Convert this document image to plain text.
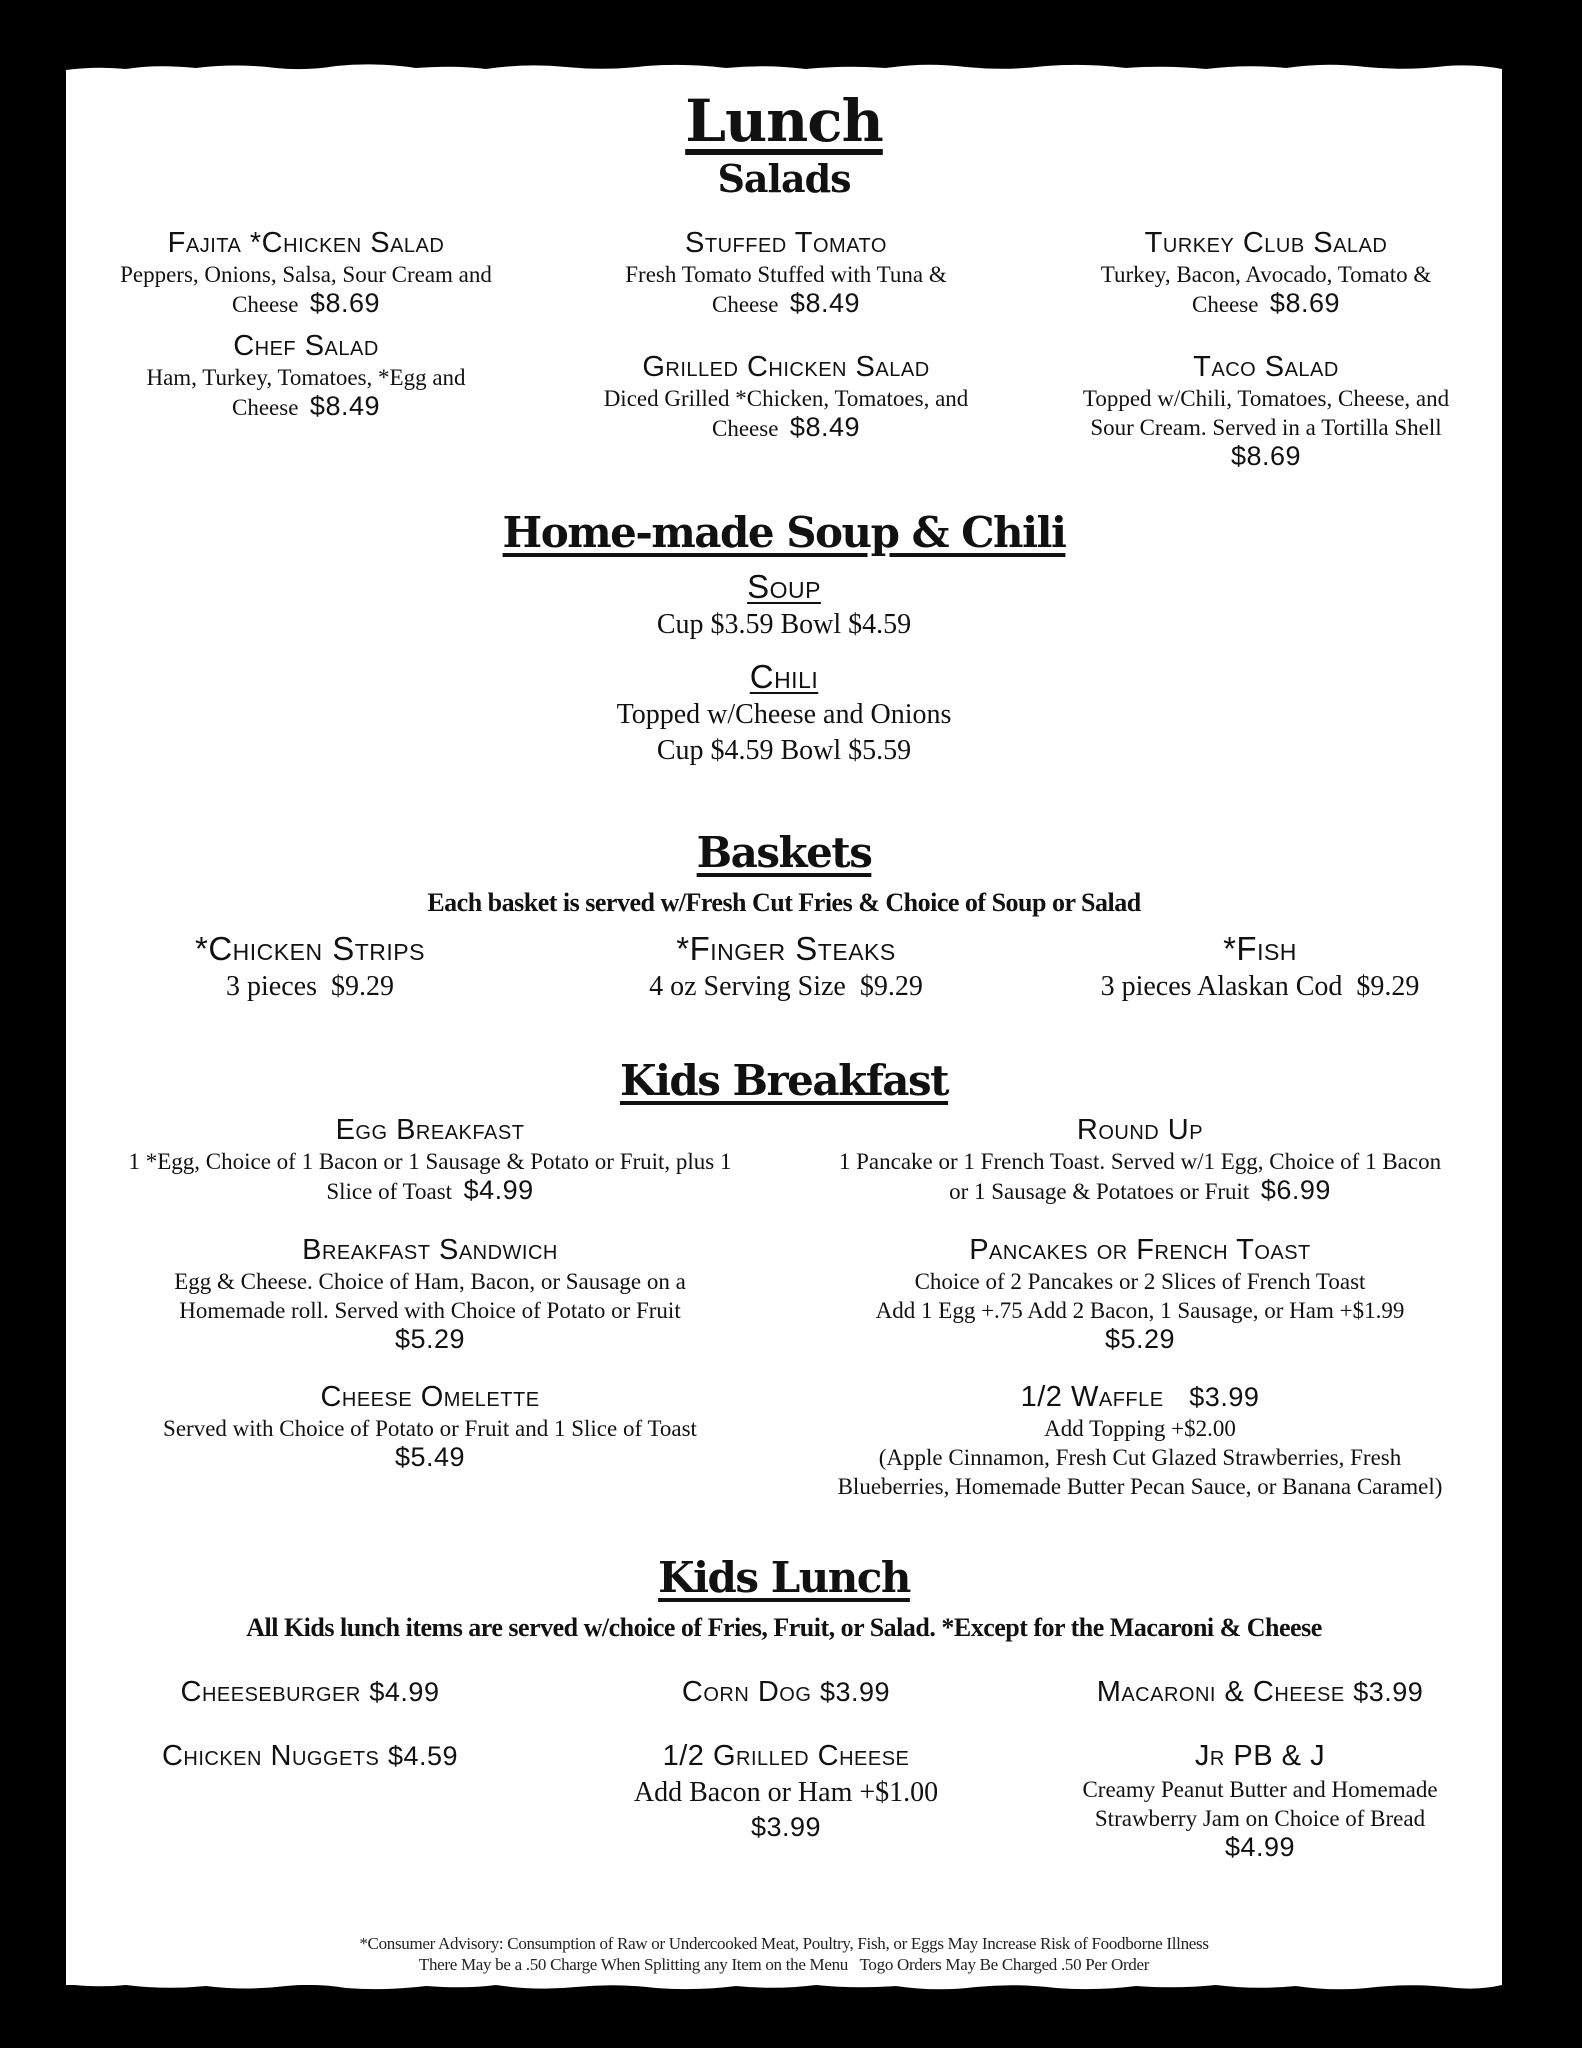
Lunch
Salads
Fajita *Chicken Salad
Peppers, Onions, Salsa, Sour Cream and
Cheese $8.69
Stuffed Tomato
Fresh Tomato Stuffed with Tuna &
Cheese $8.49
Turkey Club Salad
Turkey, Bacon, Avocado, Tomato &
Cheese $8.69
Chef Salad
Ham, Turkey, Tomatoes, *Egg and
Cheese $8.49
Grilled Chicken Salad
Diced Grilled *Chicken, Tomatoes, and
Cheese $8.49
Taco Salad
Topped w/Chili, Tomatoes, Cheese, and
Sour Cream. Served in a Tortilla Shell
$8.69
Home-made Soup & Chili
Soup
Cup $3.59 Bowl $4.59
Chili
Topped w/Cheese and Onions
Cup $4.59 Bowl $5.59
Baskets
Each basket is served w/Fresh Cut Fries & Choice of Soup or Salad
*Chicken Strips
3 pieces $9.29
*Finger Steaks
4 oz Serving Size $9.29
*Fish
3 pieces Alaskan Cod $9.29
Kids Breakfast
Egg Breakfast
1 *Egg, Choice of 1 Bacon or 1 Sausage & Potato or Fruit, plus 1
Slice of Toast $4.99
Round Up
1 Pancake or 1 French Toast. Served w/1 Egg, Choice of 1 Bacon
or 1 Sausage & Potatoes or Fruit $6.99
Breakfast Sandwich
Egg & Cheese. Choice of Ham, Bacon, or Sausage on a
Homemade roll. Served with Choice of Potato or Fruit
$5.29
Pancakes or French Toast
Choice of 2 Pancakes or 2 Slices of French Toast
Add 1 Egg +.75 Add 2 Bacon, 1 Sausage, or Ham +$1.99
$5.29
Cheese Omelette
Served with Choice of Potato or Fruit and 1 Slice of Toast
$5.49
1/2 Waffle $3.99
Add Topping +$2.00
(Apple Cinnamon, Fresh Cut Glazed Strawberries, Fresh
Blueberries, Homemade Butter Pecan Sauce, or Banana Caramel)
Kids Lunch
All Kids lunch items are served w/choice of Fries, Fruit, or Salad. *Except for the Macaroni & Cheese
Cheeseburger $4.99	Corn Dog $3.99	Macaroni & Cheese $3.99
Chicken Nuggets $4.59	1/2 Grilled Cheese
Add Bacon or Ham +$1.00
$3.99
Jr PB & J
Creamy Peanut Butter and Homemade
Strawberry Jam on Choice of Bread
$4.99
*Consumer Advisory: Consumption of Raw or Undercooked Meat, Poultry, Fish, or Eggs May Increase Risk of Foodborne Illness
There May be a .50 Charge When Splitting any Item on the Menu   Togo Orders May Be Charged .50 Per Order
